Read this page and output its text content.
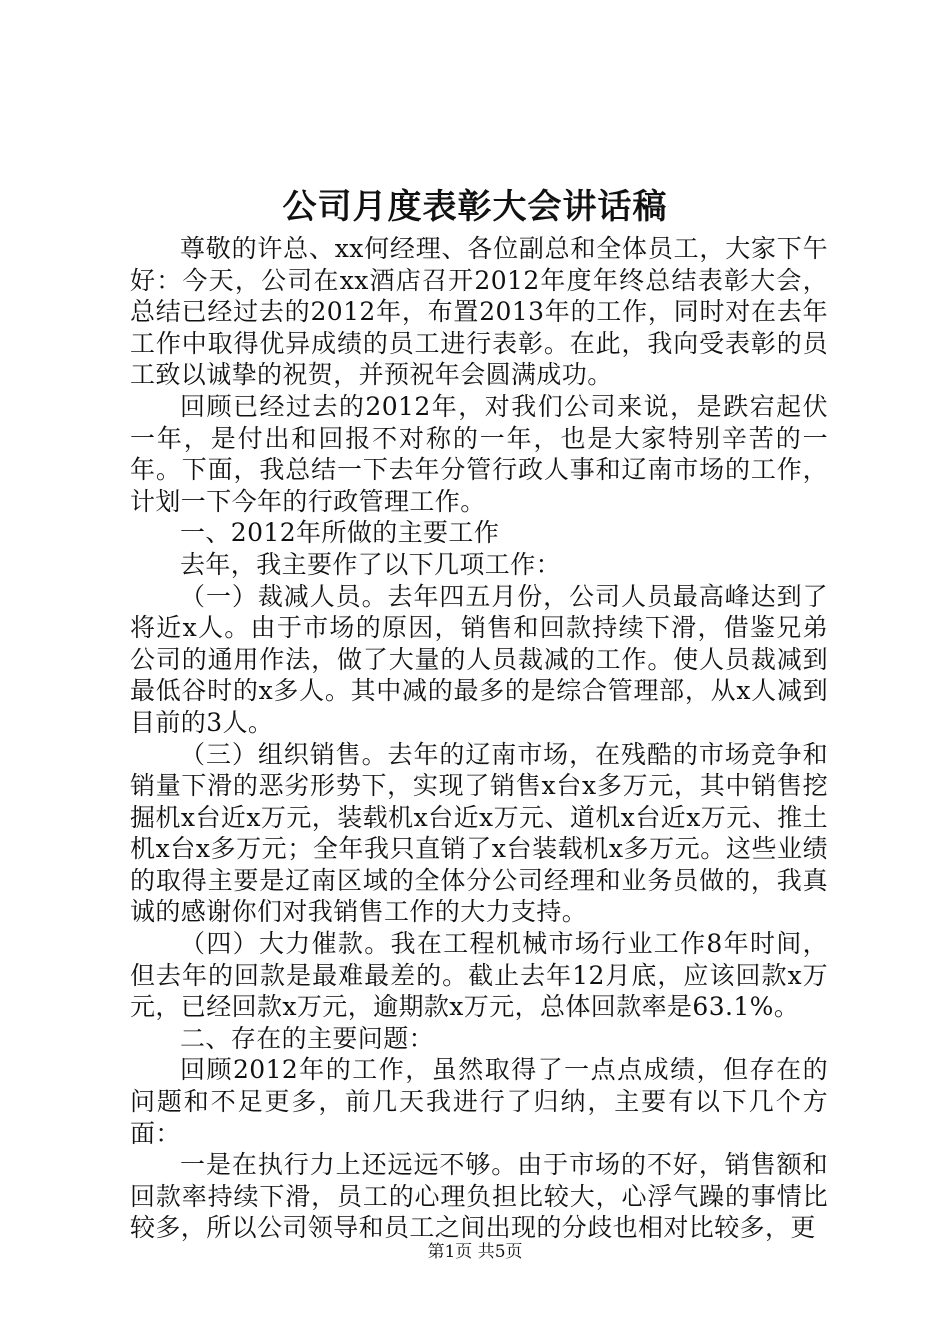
公司月度表彰大会讲话稿

尊敬的许总、xx何经理、各位副总和全体员工，大家下午好：今天，公司在xx酒店召开2012年度年终总结表彰大会，总结已经过去的2012年，布置2013年的工作，同时对在去年工作中取得优异成绩的员工进行表彰。在此，我向受表彰的员工致以诚挚的祝贺，并预祝年会圆满成功。

回顾已经过去的2012年，对我们公司来说，是跌宕起伏一年，是付出和回报不对称的一年，也是大家特别辛苦的一年。下面，我总结一下去年分管行政人事和辽南市场的工作，计划一下今年的行政管理工作。

一、2012年所做的主要工作

去年，我主要作了以下几项工作：

（一）裁减人员。去年四五月份，公司人员最高峰达到了将近x人。由于市场的原因，销售和回款持续下滑，借鉴兄弟公司的通用作法，做了大量的人员裁减的工作。使人员裁减到最低谷时的x多人。其中减的最多的是综合管理部，从x人减到目前的3人。

（三）组织销售。去年的辽南市场，在残酷的市场竞争和销量下滑的恶劣形势下，实现了销售x台x多万元，其中销售挖掘机x台近x万元，装载机x台近x万元、道机x台近x万元、推土机x台x多万元；全年我只直销了x台装载机x多万元。这些业绩的取得主要是辽南区域的全体分公司经理和业务员做的，我真诚的感谢你们对我销售工作的大力支持。

（四）大力催款。我在工程机械市场行业工作8年时间，但去年的回款是最难最差的。截止去年12月底，应该回款x万元，已经回款x万元，逾期款x万元，总体回款率是63.1%。

二、存在的主要问题：

回顾2012年的工作，虽然取得了一点点成绩，但存在的问题和不足更多，前几天我进行了归纳，主要有以下几个方面：

一是在执行力上还远远不够。由于市场的不好，销售额和回款率持续下滑，员工的心理负担比较大，心浮气躁的事情比较多，所以公司领导和员工之间出现的分歧也相对比较多，更

第1页 共5页
